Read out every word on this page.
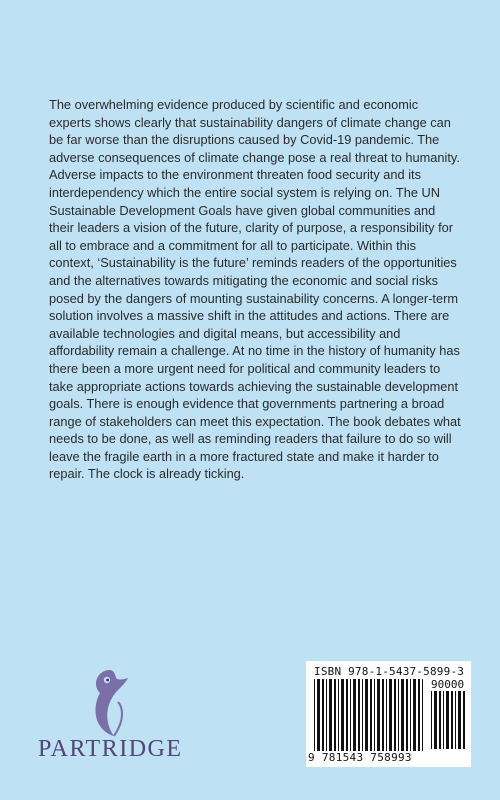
The overwhelming evidence produced by scientific and economic experts shows clearly that sustainability dangers of climate change can be far worse than the disruptions caused by Covid-19 pandemic. The adverse consequences of climate change pose a real threat to humanity. Adverse impacts to the environment threaten food security and its interdependency which the entire social system is relying on. The UN Sustainable Development Goals have given global communities and their leaders a vision of the future, clarity of purpose, a responsibility for all to embrace and a commitment for all to participate. Within this context, ‘Sustainability is the future’ reminds readers of the opportunities and the alternatives towards mitigating the economic and social risks posed by the dangers of mounting sustainability concerns. A longer-term solution involves a massive shift in the attitudes and actions. There are available technologies and digital means, but accessibility and affordability remain a challenge. At no time in the history of humanity has there been a more urgent need for political and community leaders to take appropriate actions towards achieving the sustainable development goals. There is enough evidence that governments partnering a broad range of stakeholders can meet this expectation. The book debates what needs to be done, as well as reminding readers that failure to do so will leave the fragile earth in a more fractured state and make it harder to repair. The clock is already ticking.

PARTRIDGE
ISBN 978-1-5437-5899-3
90000
9 781543 758993
